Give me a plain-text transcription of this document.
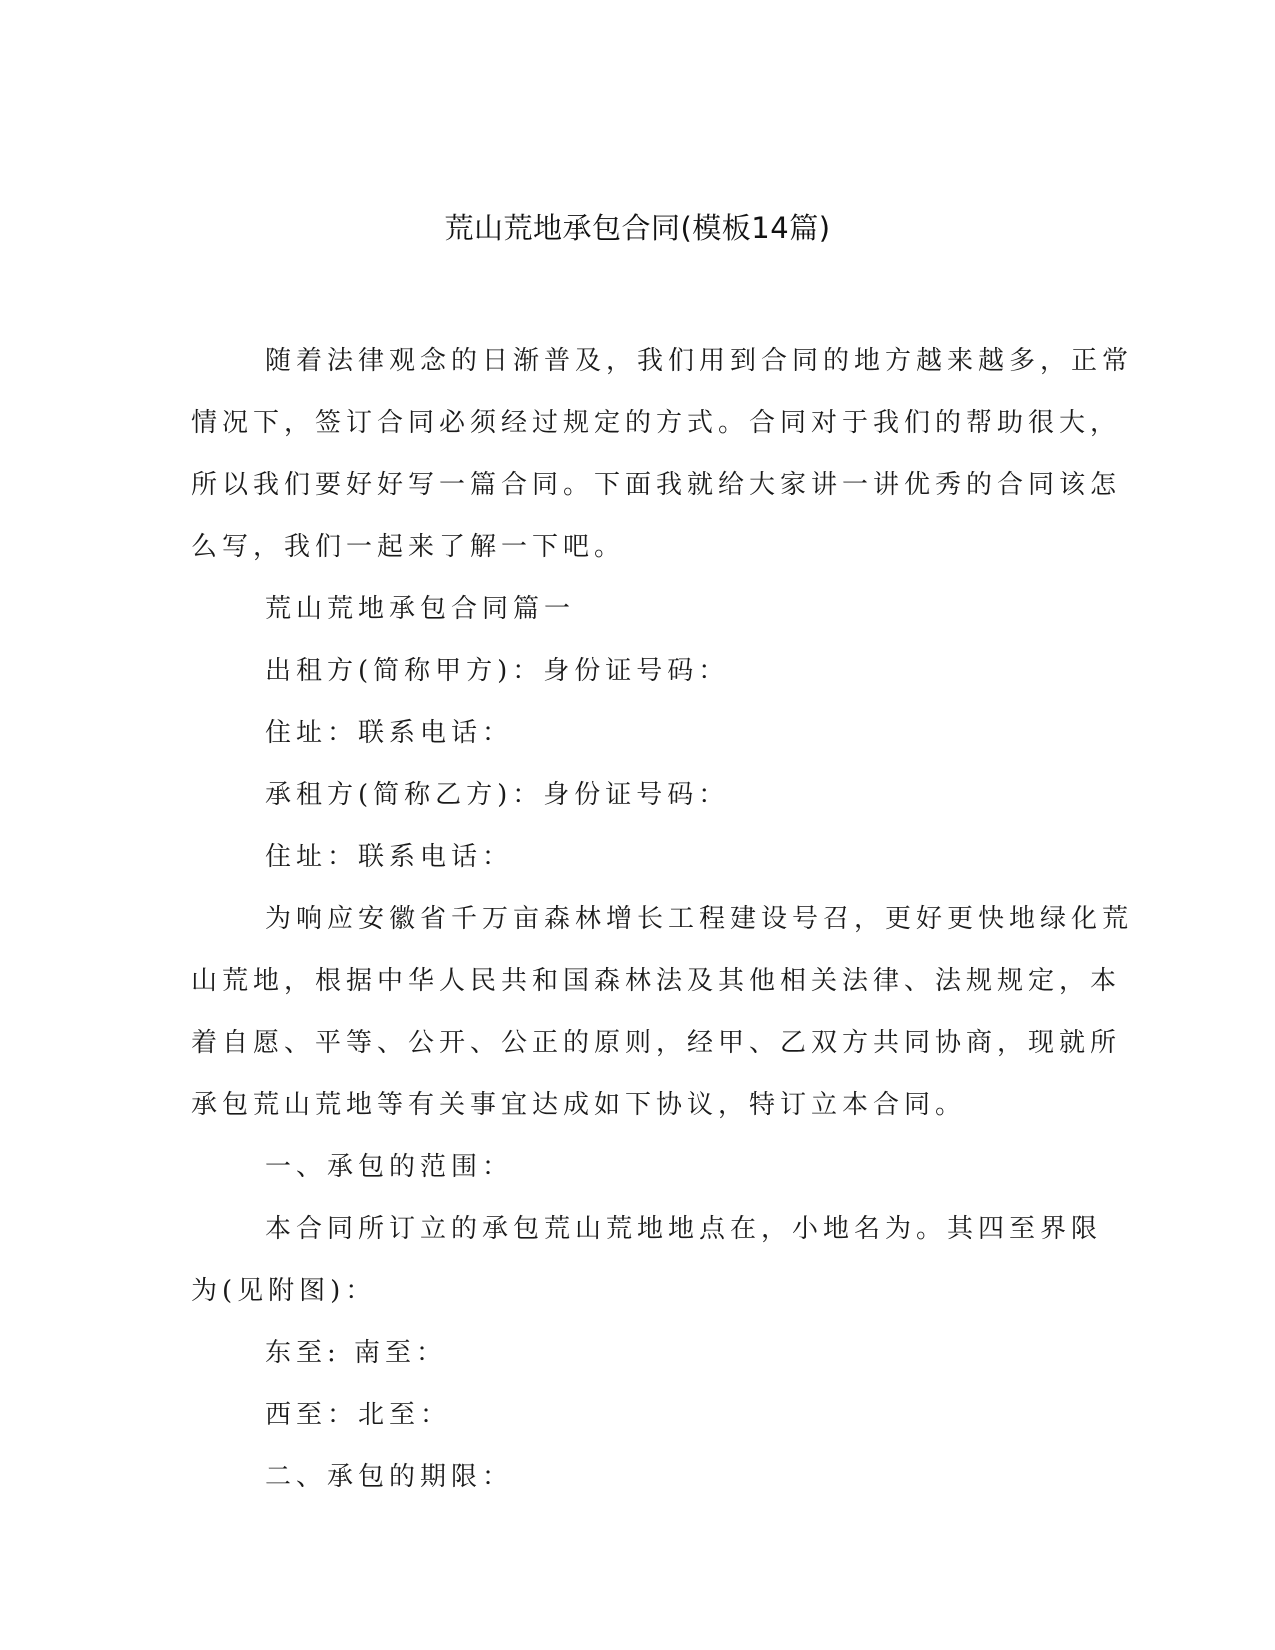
荒山荒地承包合同(模板14篇)

随着法律观念的日渐普及，我们用到合同的地方越来越多，正常

情况下，签订合同必须经过规定的方式。合同对于我们的帮助很大，

所以我们要好好写一篇合同。下面我就给大家讲一讲优秀的合同该怎

么写，我们一起来了解一下吧。

荒山荒地承包合同篇一

出租方(简称甲方)：身份证号码：

住址：联系电话：

承租方(简称乙方)：身份证号码：

住址：联系电话：

为响应安徽省千万亩森林增长工程建设号召，更好更快地绿化荒

山荒地，根据中华人民共和国森林法及其他相关法律、法规规定，本

着自愿、平等、公开、公正的原则，经甲、乙双方共同协商，现就所

承包荒山荒地等有关事宜达成如下协议，特订立本合同。

一、承包的范围：

本合同所订立的承包荒山荒地地点在，小地名为。其四至界限

为(见附图)：

东至: 南至：

西至：北至：

二、承包的期限：
